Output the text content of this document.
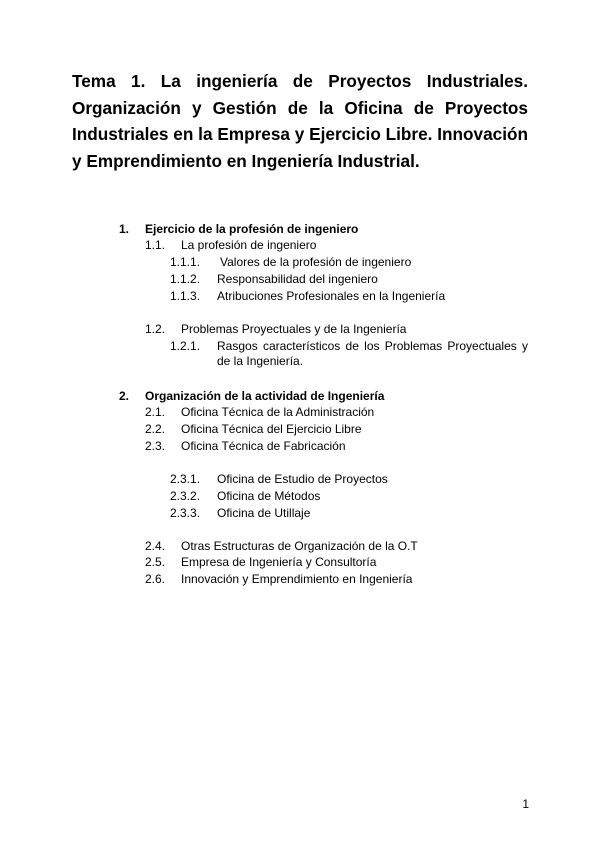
Tema 1. La ingeniería de Proyectos Industriales. Organización y Gestión de la Oficina de Proyectos Industriales en la Empresa y Ejercicio Libre. Innovación y Emprendimiento en Ingeniería Industrial.
1. Ejercicio de la profesión de ingeniero
1.1. La profesión de ingeniero
1.1.1. Valores de la profesión de ingeniero
1.1.2. Responsabilidad del ingeniero
1.1.3. Atribuciones Profesionales en la Ingeniería
1.2. Problemas Proyectuales y de la Ingeniería
1.2.1. Rasgos característicos de los Problemas Proyectuales y de la Ingeniería.
2. Organización de la actividad de Ingeniería
2.1. Oficina Técnica de la Administración
2.2. Oficina Técnica del Ejercicio Libre
2.3. Oficina Técnica de Fabricación
2.3.1. Oficina de Estudio de Proyectos
2.3.2. Oficina de Métodos
2.3.3. Oficina de Utillaje
2.4. Otras Estructuras de Organización de la O.T
2.5. Empresa de Ingeniería y Consultoría
2.6. Innovación y Emprendimiento en Ingeniería
1
